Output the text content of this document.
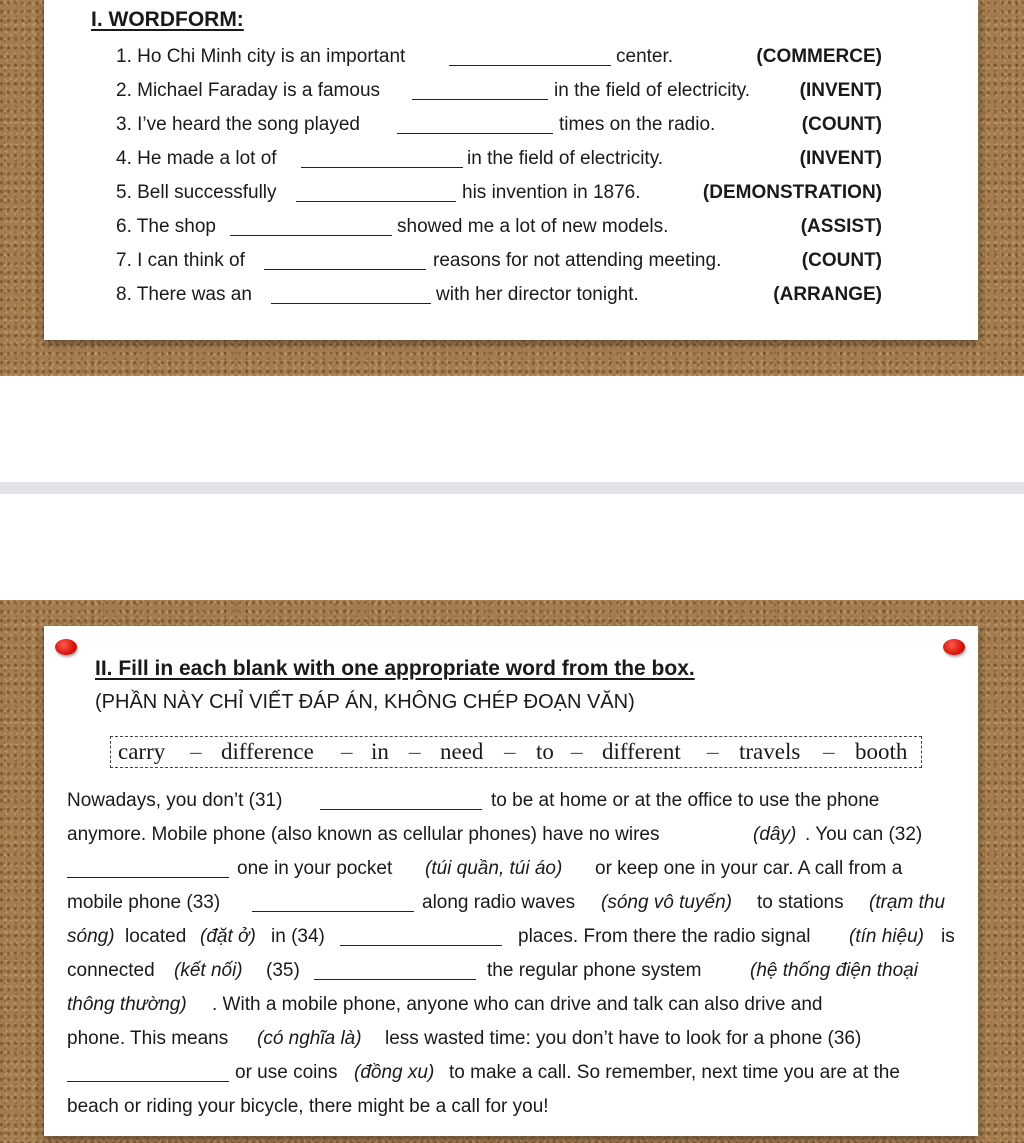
I. WORDFORM:
1. Ho Chi Minh city is an important	center.	(COMMERCE)
2. Michael Faraday is a famous	in the field of electricity.	(INVENT)
3. I’ve heard the song played	times on the radio.	(COUNT)
4. He made a lot of	in the field of electricity.	(INVENT)
5. Bell successfully	his invention in 1876.	(DEMONSTRATION)
6. The shop	showed me a lot of new models.	(ASSIST)
7. I can think of	reasons for not attending meeting.	(COUNT)
8. There was an	with her director tonight.	(ARRANGE)
II. Fill in each blank with one appropriate word from the box.
(PHẦN NÀY CHỈ VIẾT ĐÁP ÁN, KHÔNG CHÉP ĐOẠN VĂN)
carry – difference – in – need – to – different – travels – booth
Nowadays, you don’t (31)	to be at home or at the office to use the phone
anymore. Mobile phone (also known as cellular phones) have no wires	(dây) . You can (32)
one in your pocket (túi quần, túi áo) or keep one in your car. A call from a
mobile phone (33)	along radio waves (sóng vô tuyến) to stations (trạm thu
sóng) located (đặt ở) in (34)	places. From there the radio signal (tín hiệu) is
connected (kết nối) (35)	the regular phone system	(hệ thống điện thoại
thông thường) . With a mobile phone, anyone who can drive and talk can also drive and
phone. This means (có nghĩa là) less wasted time: you don’t have to look for a phone (36)
or use coins (đồng xu) to make a call. So remember, next time you are at the
beach or riding your bicycle, there might be a call for you!
